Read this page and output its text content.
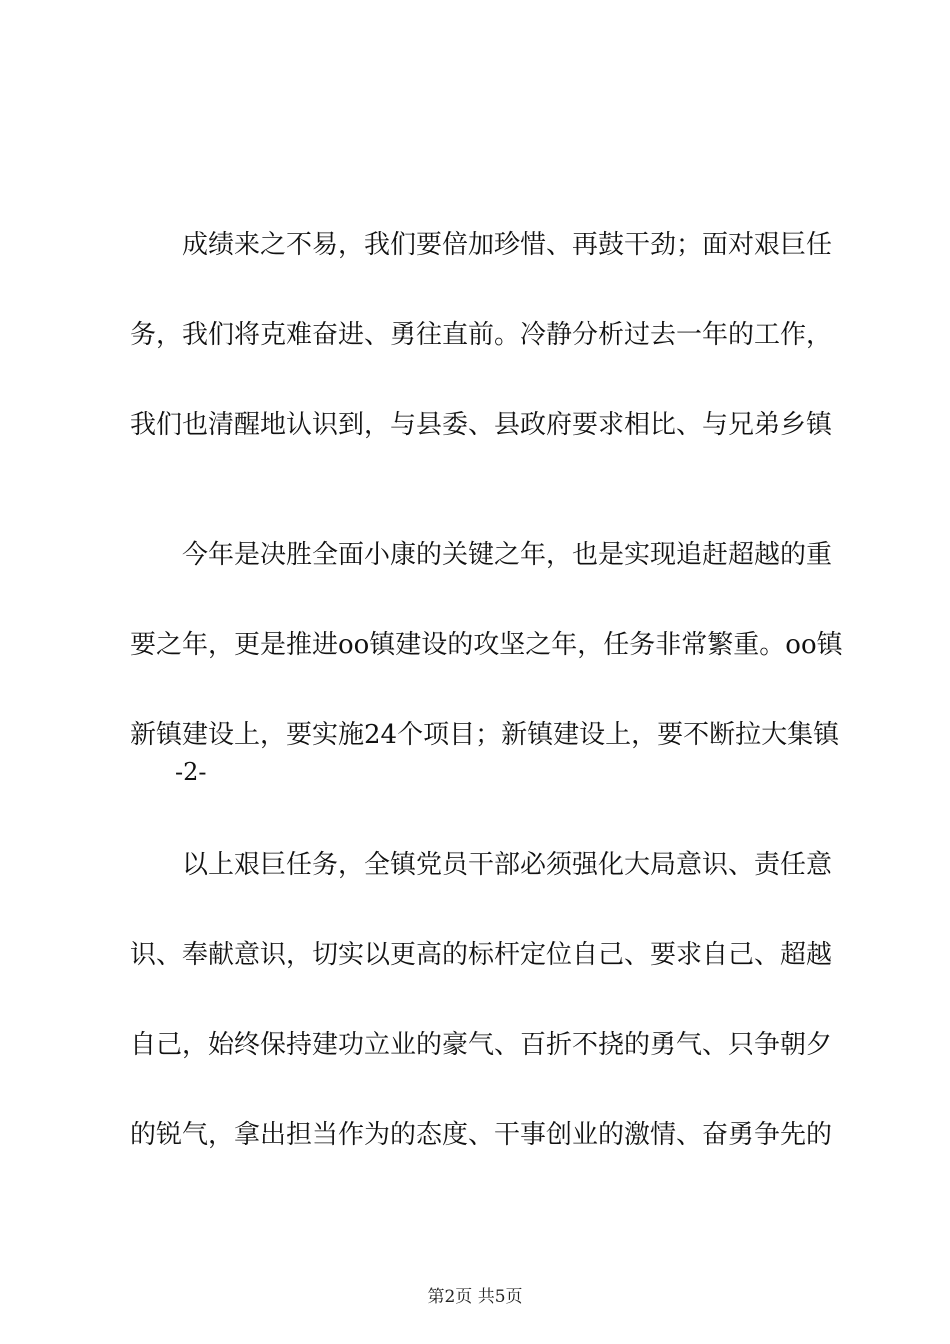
　　成绩来之不易，我们要倍加珍惜、再鼓干劲；面对艰巨任

务，我们将克难奋进、勇往直前。冷静分析过去一年的工作，

我们也清醒地认识到，与县委、县政府要求相比、与兄弟乡镇

　　今年是决胜全面小康的关键之年，也是实现追赶超越的重

要之年，更是推进oo镇建设的攻坚之年，任务非常繁重。oo镇

新镇建设上，要实施24个项目；新镇建设上，要不断拉大集镇

-2-

　　以上艰巨任务，全镇党员干部必须强化大局意识、责任意

识、奉献意识，切实以更高的标杆定位自己、要求自己、超越

自己，始终保持建功立业的豪气、百折不挠的勇气、只争朝夕

的锐气，拿出担当作为的态度、干事创业的激情、奋勇争先的

第2页 共5页
